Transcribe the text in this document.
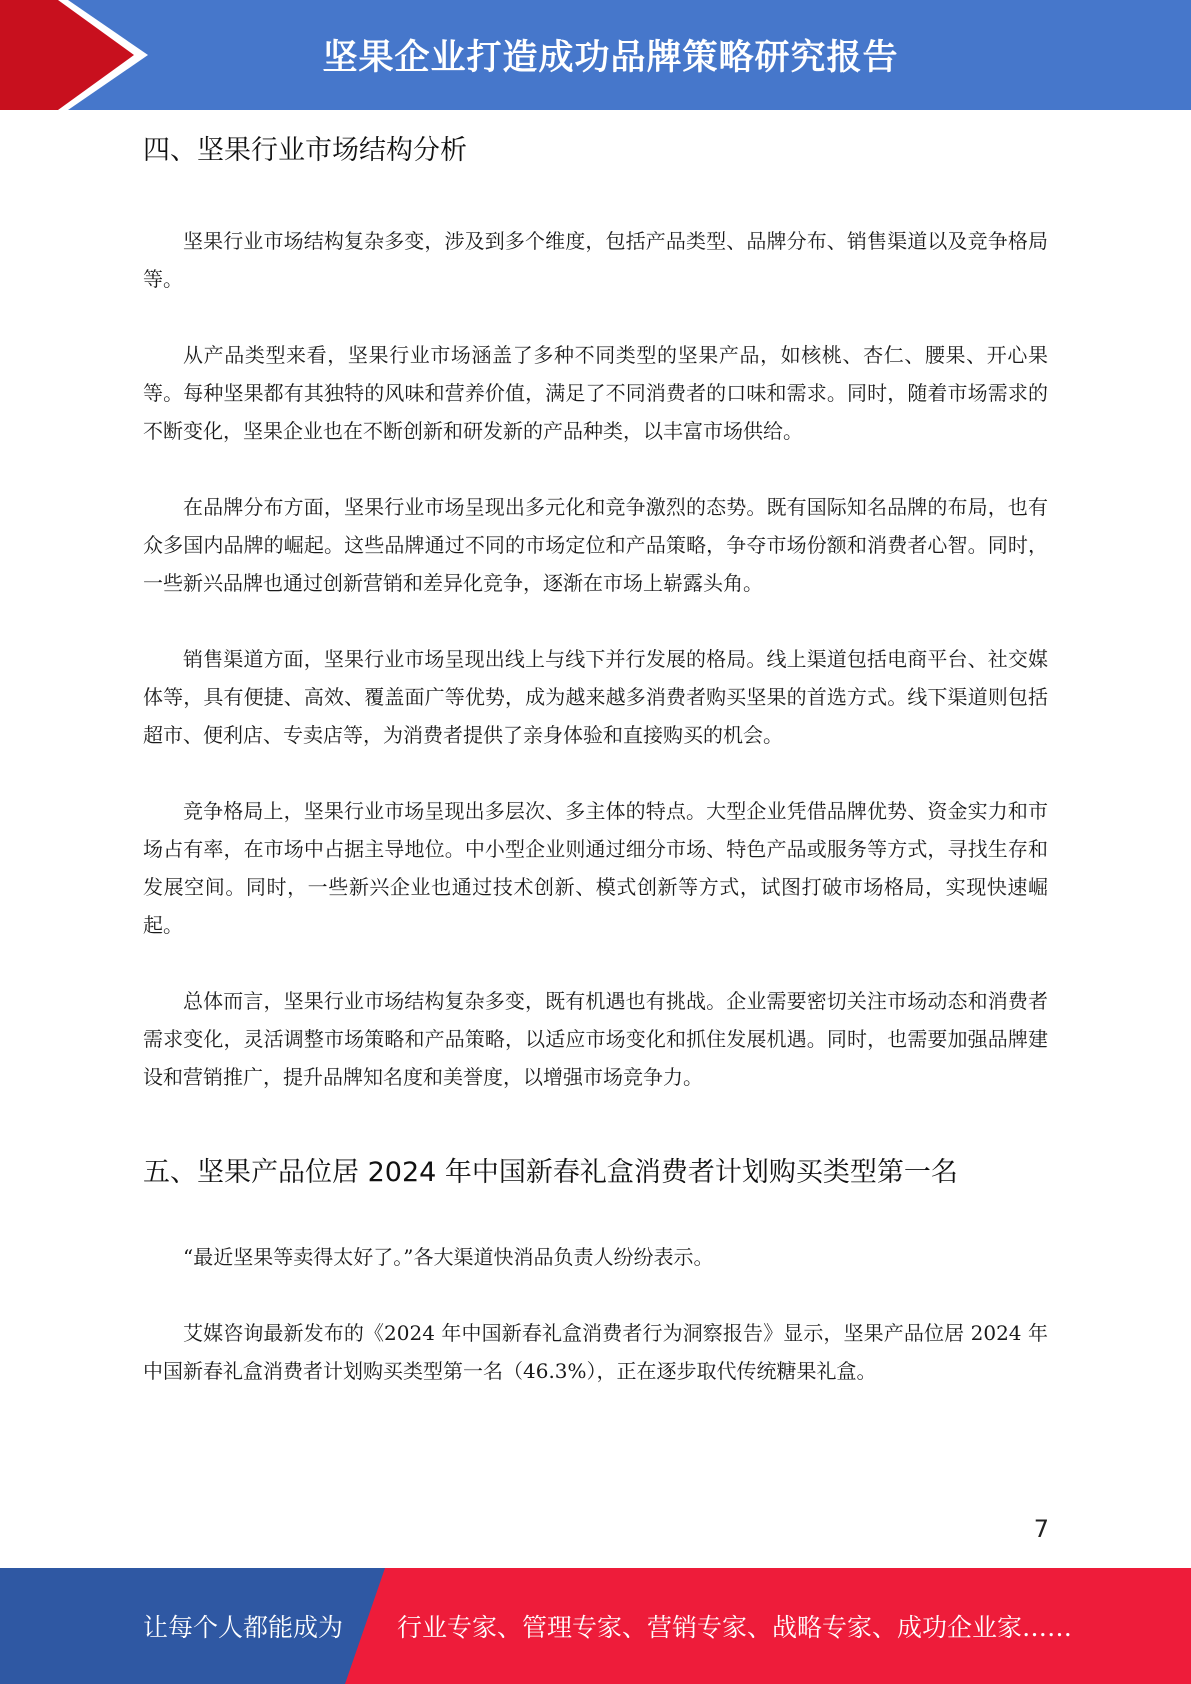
坚果企业打造成功品牌策略研究报告
四、坚果行业市场结构分析

坚果行业市场结构复杂多变，涉及到多个维度，包括产品类型、品牌分布、销售渠道以及竞争格局等。

从产品类型来看，坚果行业市场涵盖了多种不同类型的坚果产品，如核桃、杏仁、腰果、开心果等。每种坚果都有其独特的风味和营养价值，满足了不同消费者的口味和需求。同时，随着市场需求的不断变化，坚果企业也在不断创新和研发新的产品种类，以丰富市场供给。

在品牌分布方面，坚果行业市场呈现出多元化和竞争激烈的态势。既有国际知名品牌的布局，也有众多国内品牌的崛起。这些品牌通过不同的市场定位和产品策略，争夺市场份额和消费者心智。同时，一些新兴品牌也通过创新营销和差异化竞争，逐渐在市场上崭露头角。

销售渠道方面，坚果行业市场呈现出线上与线下并行发展的格局。线上渠道包括电商平台、社交媒体等，具有便捷、高效、覆盖面广等优势，成为越来越多消费者购买坚果的首选方式。线下渠道则包括超市、便利店、专卖店等，为消费者提供了亲身体验和直接购买的机会。

竞争格局上，坚果行业市场呈现出多层次、多主体的特点。大型企业凭借品牌优势、资金实力和市场占有率，在市场中占据主导地位。中小型企业则通过细分市场、特色产品或服务等方式，寻找生存和发展空间。同时，一些新兴企业也通过技术创新、模式创新等方式，试图打破市场格局，实现快速崛起。

总体而言，坚果行业市场结构复杂多变，既有机遇也有挑战。企业需要密切关注市场动态和消费者需求变化，灵活调整市场策略和产品策略，以适应市场变化和抓住发展机遇。同时，也需要加强品牌建设和营销推广，提升品牌知名度和美誉度，以增强市场竞争力。

五、坚果产品位居 2024 年中国新春礼盒消费者计划购买类型第一名

“最近坚果等卖得太好了。”各大渠道快消品负责人纷纷表示。

艾媒咨询最新发布的《2024 年中国新春礼盒消费者行为洞察报告》显示，坚果产品位居 2024 年中国新春礼盒消费者计划购买类型第一名（46.3%），正在逐步取代传统糖果礼盒。

7
让每个人都能成为 行业专家、管理专家、营销专家、战略专家、成功企业家……
